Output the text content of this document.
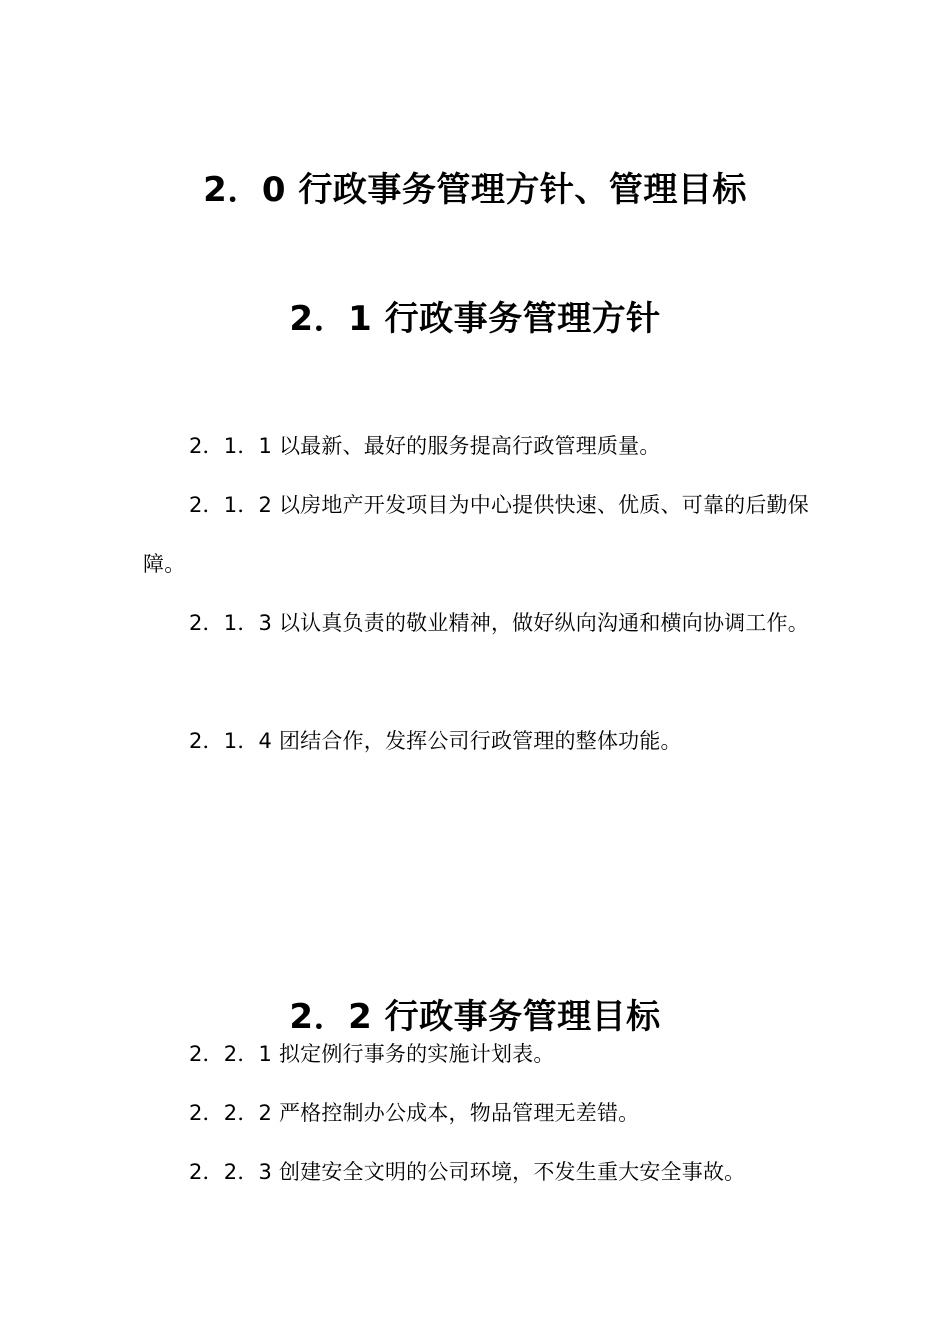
2．0 行政事务管理方针、管理目标
2．1 行政事务管理方针

2．1．1 以最新、最好的服务提高行政管理质量。

2．1．2 以房地产开发项目为中心提供快速、优质、可靠的后勤保障。

2．1．3 以认真负责的敬业精神，做好纵向沟通和横向协调工作。

2．1．4 团结合作，发挥公司行政管理的整体功能。

2．2 行政事务管理目标

2．2．1 拟定例行事务的实施计划表。

2．2．2 严格控制办公成本，物品管理无差错。

2．2．3 创建安全文明的公司环境，不发生重大安全事故。
